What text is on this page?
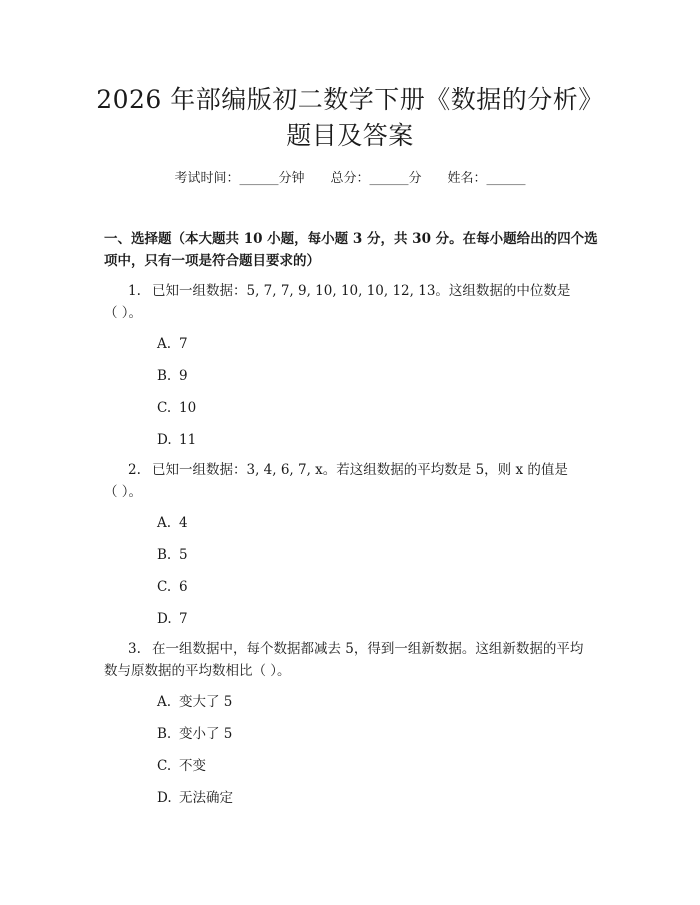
2026 年部编版初二数学下册《数据的分析》
题目及答案
考试时间：______分钟 总分：______分 姓名：______
一、选择题（本大题共 10 小题，每小题 3 分，共 30 分。在每小题给出的四个选
项中，只有一项是符合题目要求的）
1. 已知一组数据：5, 7, 7, 9, 10, 10, 10, 12, 13。这组数据的中位数是
（ ）。
A. 7
B. 9
C. 10
D. 11
2. 已知一组数据：3, 4, 6, 7, x。若这组数据的平均数是 5，则 x 的值是
（ ）。
A. 4
B. 5
C. 6
D. 7
3. 在一组数据中，每个数据都减去 5，得到一组新数据。这组新数据的平均
数与原数据的平均数相比（ ）。
A. 变大了 5
B. 变小了 5
C. 不变
D. 无法确定
